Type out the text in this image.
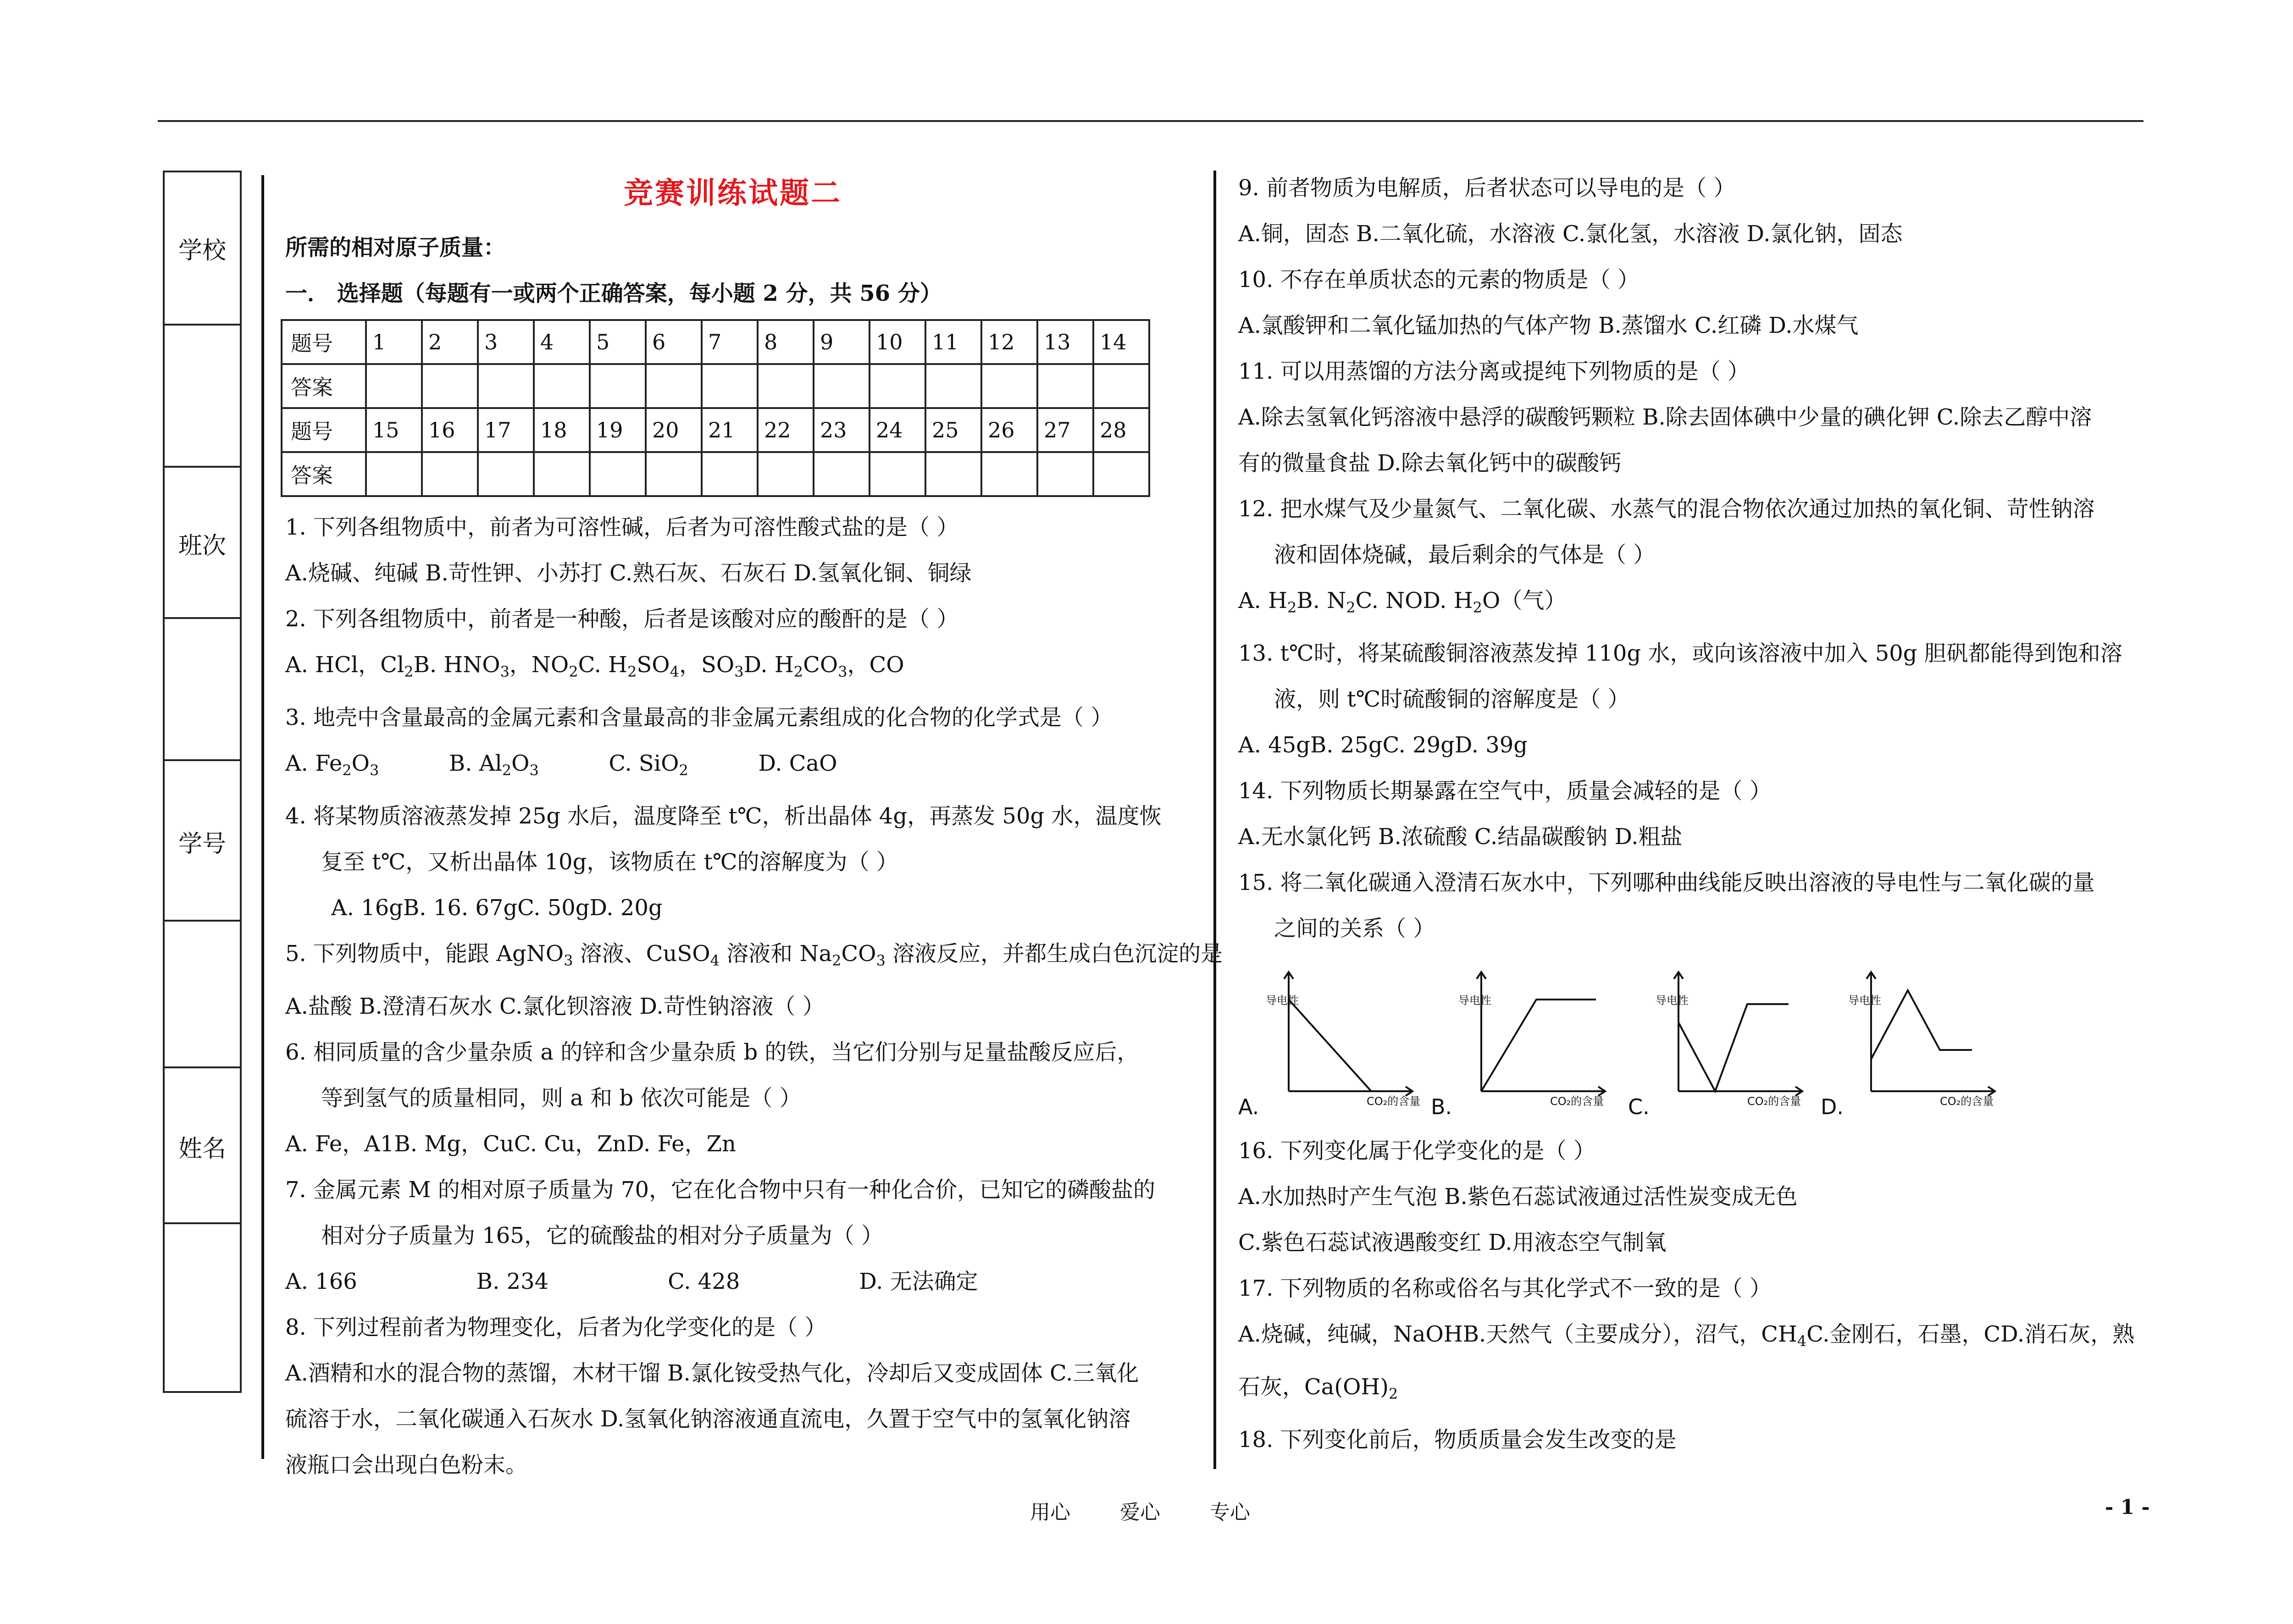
学校
班次
学号
姓名
竞赛训练试题二
所需的相对原子质量：
一． 选择题（每题有一或两个正确答案，每小题 2 分，共 56 分）
题号	1	2	3	4	5	6	7	8	9	10	11	12	13	14
答案														
题号	15	16	17	18	19	20	21	22	23	24	25	26	27	28
答案														
1. 下列各组物质中，前者为可溶性碱，后者为可溶性酸式盐的是（ ）
A.烧碱、纯碱 B.苛性钾、小苏打 C.熟石灰、石灰石 D.氢氧化铜、铜绿
2. 下列各组物质中，前者是一种酸，后者是该酸对应的酸酐的是（ ）
A. HCl，$Cl_2B$. $HNO_3$，$NO_2C$. $H_2SO_4$，$SO_3D$. $H_2CO_3$，CO
3. 地壳中含量最高的金属元素和含量最高的非金属元素组成的化合物的化学式是（ ）
A. $Fe_2O_3$          B. $Al_2O_3$          C. SiO$_2$          D. CaO
4. 将某物质溶液蒸发掉 25g 水后，温度降至 t℃，析出晶体 4g，再蒸发 50g 水，温度恢
复至 t℃，又析出晶体 10g，该物质在 t℃的溶解度为（ ）
A. 16gB. 16. 67gC. 50gD. 20g
5. 下列物质中，能跟 AgNO$_3$ 溶液、CuSO$_4$ 溶液和 $Na_2CO_3$ 溶液反应，并都生成白色沉淀的是
A.盐酸 B.澄清石灰水 C.氯化钡溶液 D.苛性钠溶液（ ）
6. 相同质量的含少量杂质 a 的锌和含少量杂质 b 的铁，当它们分别与足量盐酸反应后，
等到氢气的质量相同，则 a 和 b 依次可能是（ ）
A. Fe，A1B. Mg，CuC. Cu，ZnD. Fe，Zn
7. 金属元素 M 的相对原子质量为 70，它在化合物中只有一种化合价，已知它的磷酸盐的
相对分子质量为 165，它的硫酸盐的相对分子质量为（ ）
A. 166	B. 234	C. 428	D. 无法确定
8. 下列过程前者为物理变化，后者为化学变化的是（ ）
A.酒精和水的混合物的蒸馏，木材干馏 B.氯化铵受热气化，冷却后又变成固体 C.三氧化
硫溶于水，二氧化碳通入石灰水 D.氢氧化钠溶液通直流电，久置于空气中的氢氧化钠溶
液瓶口会出现白色粉末。
9. 前者物质为电解质，后者状态可以导电的是（ ）
A.铜，固态 B.二氧化硫，水溶液 C.氯化氢，水溶液 D.氯化钠，固态
10. 不存在单质状态的元素的物质是（ ）
A.氯酸钾和二氧化锰加热的气体产物 B.蒸馏水 C.红磷 D.水煤气
11. 可以用蒸馏的方法分离或提纯下列物质的是（ ）
A.除去氢氧化钙溶液中悬浮的碳酸钙颗粒 B.除去固体碘中少量的碘化钾 C.除去乙醇中溶
有的微量食盐 D.除去氧化钙中的碳酸钙
12. 把水煤气及少量氮气、二氧化碳、水蒸气的混合物依次通过加热的氧化铜、苛性钠溶
液和固体烧碱，最后剩余的气体是（ ）
A. $H_2B$. $N_2C$. NOD. $H_2O$（气）
13. t℃时，将某硫酸铜溶液蒸发掉 110g 水，或向该溶液中加入 50g 胆矾都能得到饱和溶
液，则 t℃时硫酸铜的溶解度是（ ）
A. 45gB. 25gC. 29gD. 39g
14. 下列物质长期暴露在空气中，质量会减轻的是（ ）
A.无水氯化钙 B.浓硫酸 C.结晶碳酸钠 D.粗盐
15. 将二氧化碳通入澄清石灰水中，下列哪种曲线能反映出溶液的导电性与二氧化碳的量
之间的关系（ ）
导电性
CO₂的含量
导电性
CO₂的含量
导电性
CO₂的含量
导电性
CO₂的含量
A.	B.	C.	D.
16. 下列变化属于化学变化的是（ ）
A.水加热时产生气泡 B.紫色石蕊试液通过活性炭变成无色
C.紫色石蕊试液遇酸变红 D.用液态空气制氧
17. 下列物质的名称或俗名与其化学式不一致的是（ ）
A.烧碱，纯碱，NaOHB.天然气（主要成分），沼气，$CH_4C$.金刚石，石墨，CD.消石灰，熟
石灰，$Ca(OH)_2$
18. 下列变化前后，物质质量会发生改变的是
用心 爱心 专心	- 1 -
